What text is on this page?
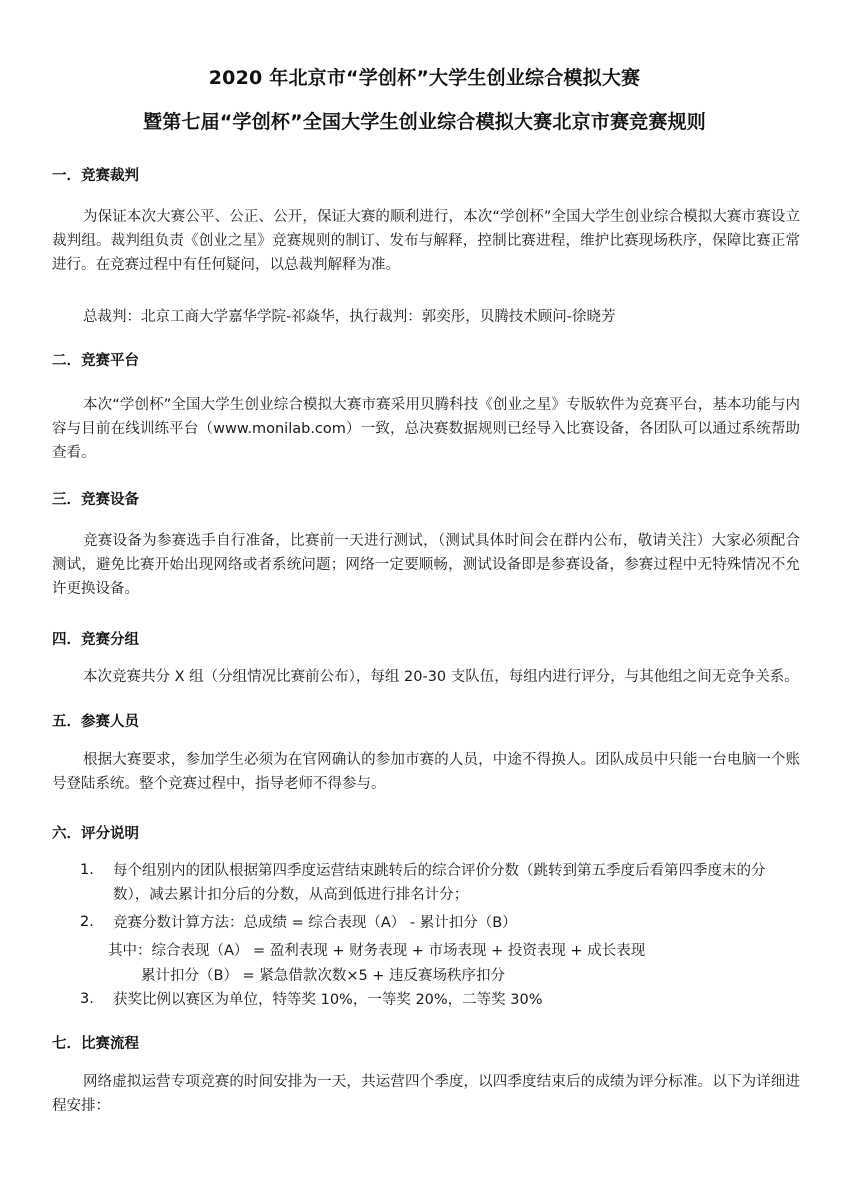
2020 年北京市“学创杯”大学生创业综合模拟大赛
暨第七届“学创杯”全国大学生创业综合模拟大赛北京市赛竞赛规则
一．竞赛裁判
为保证本次大赛公平、公正、公开，保证大赛的顺利进行，本次“学创杯”全国大学生创业综合模拟大赛市赛设立裁判组。裁判组负责《创业之星》竞赛规则的制订、发布与解释，控制比赛进程，维护比赛现场秩序，保障比赛正常进行。在竞赛过程中有任何疑问，以总裁判解释为准。
总裁判：北京工商大学嘉华学院-祁焱华，执行裁判：郭奕彤，贝腾技术顾问-徐晓芳
二．竞赛平台
本次“学创杯”全国大学生创业综合模拟大赛市赛采用贝腾科技《创业之星》专版软件为竞赛平台，基本功能与内容与目前在线训练平台（www.monilab.com）一致，总决赛数据规则已经导入比赛设备，各团队可以通过系统帮助查看。
三．竞赛设备
竞赛设备为参赛选手自行准备，比赛前一天进行测试，（测试具体时间会在群内公布，敬请关注）大家必须配合测试，避免比赛开始出现网络或者系统问题；网络一定要顺畅，测试设备即是参赛设备，参赛过程中无特殊情况不允许更换设备。
四．竞赛分组
本次竞赛共分 X 组（分组情况比赛前公布），每组 20-30 支队伍，每组内进行评分，与其他组之间无竞争关系。
五．参赛人员
根据大赛要求，参加学生必须为在官网确认的参加市赛的人员，中途不得换人。团队成员中只能一台电脑一个账号登陆系统。整个竞赛过程中，指导老师不得参与。
六．评分说明
1. 每个组别内的团队根据第四季度运营结束跳转后的综合评价分数（跳转到第五季度后看第四季度末的分数），减去累计扣分后的分数，从高到低进行排名计分；
2. 竞赛分数计算方法：总成绩 = 综合表现（A） - 累计扣分（B）
其中：综合表现（A） = 盈利表现 + 财务表现 + 市场表现 + 投资表现 + 成长表现
累计扣分（B） = 紧急借款次数×5 + 违反赛场秩序扣分
3. 获奖比例以赛区为单位，特等奖 10%，一等奖 20%，二等奖 30%
七．比赛流程
网络虚拟运营专项竞赛的时间安排为一天，共运营四个季度，以四季度结束后的成绩为评分标准。以下为详细进程安排：
